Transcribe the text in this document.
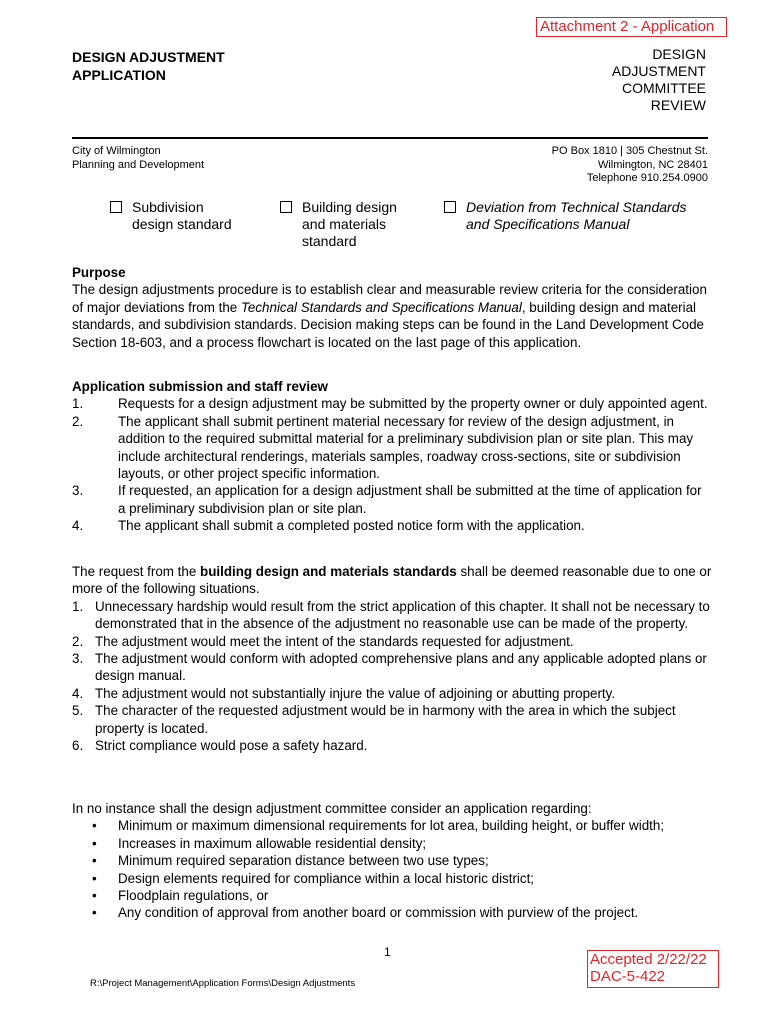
Attachment 2 - Application
DESIGN ADJUSTMENT
APPLICATION
DESIGN
ADJUSTMENT
COMMITTEE
REVIEW
City of Wilmington
Planning and Development
PO Box 1810 | 305 Chestnut St.
Wilmington, NC 28401
Telephone 910.254.0900
Subdivision
design standard
Building design
and materials
standard
Deviation from Technical Standards
and Specifications Manual
Purpose

The design adjustments procedure is to establish clear and measurable review criteria for the consideration of major deviations from the Technical Standards and Specifications Manual, building design and material standards, and subdivision standards. Decision making steps can be found in the Land Development Code Section 18-603, and a process flowchart is located on the last page of this application.

Application submission and staff review
1.	Requests for a design adjustment may be submitted by the property owner or duly appointed agent.
2.	The applicant shall submit pertinent material necessary for review of the design adjustment, in addition to the required submittal material for a preliminary subdivision plan or site plan. This may include architectural renderings, materials samples, roadway cross-sections, site or subdivision layouts, or other project specific information.
3.	If requested, an application for a design adjustment shall be submitted at the time of application for a preliminary subdivision plan or site plan.
4.	The applicant shall submit a completed posted notice form with the application.

The request from the building design and materials standards shall be deemed reasonable due to one or more of the following situations.

1. Unnecessary hardship would result from the strict application of this chapter. It shall not be necessary to demonstrated that in the absence of the adjustment no reasonable use can be made of the property.
2. The adjustment would meet the intent of the standards requested for adjustment.
3. The adjustment would conform with adopted comprehensive plans and any applicable adopted plans or design manual.
4. The adjustment would not substantially injure the value of adjoining or abutting property.
5. The character of the requested adjustment would be in harmony with the area in which the subject property is located.
6. Strict compliance would pose a safety hazard.

In no instance shall the design adjustment committee consider an application regarding:

• Minimum or maximum dimensional requirements for lot area, building height, or buffer width;
• Increases in maximum allowable residential density;
• Minimum required separation distance between two use types;
• Design elements required for compliance within a local historic district;
• Floodplain regulations, or
• Any condition of approval from another board or commission with purview of the project.
1
R:\Project Management\Application Forms\Design Adjustments
Accepted 2/22/22
DAC-5-422
